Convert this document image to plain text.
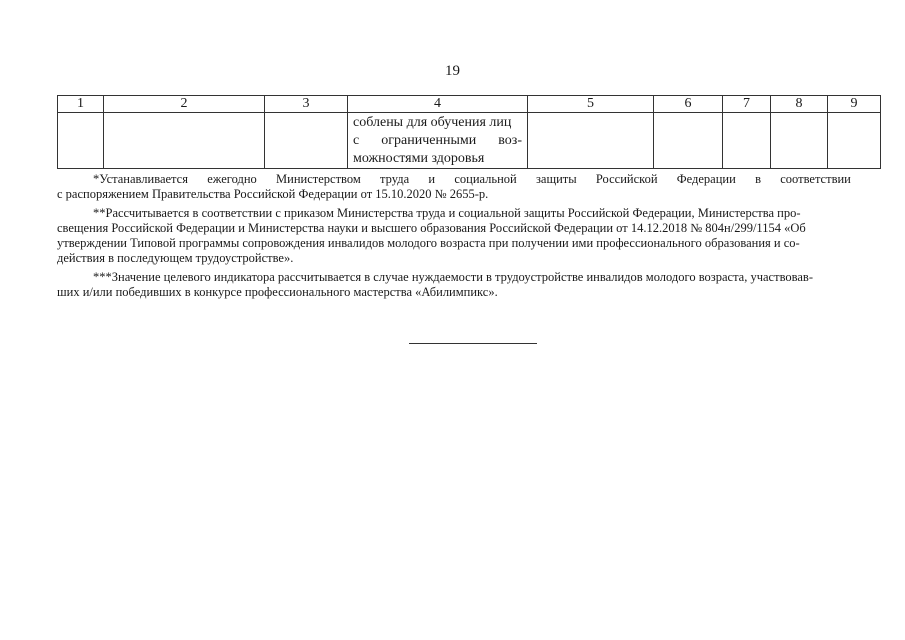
19
1	2	3	4	5	6	7	8	9

			соблены для обучения лиц
с ограниченными воз-
можностями здоровья					

*Устанавливается ежегодно Министерством труда и социальной защиты Российской Федерации в соответствии
с распоряжением Правительства Российской Федерации от 15.10.2020 № 2655-р.
**Рассчитывается в соответствии с приказом Министерства труда и социальной защиты Российской Федерации, Министерства про-
свещения Российской Федерации и Министерства науки и высшего образования Российской Федерации от 14.12.2018 № 804н/299/1154 «Об
утверждении Типовой программы сопровождения инвалидов молодого возраста при получении ими профессионального образования и со-
действия в последующем трудоустройстве».
***Значение целевого индикатора рассчитывается в случае нуждаемости в трудоустройстве инвалидов молодого возраста, участвовав-
ших и/или победивших в конкурсе профессионального мастерства «Абилимпикс».
